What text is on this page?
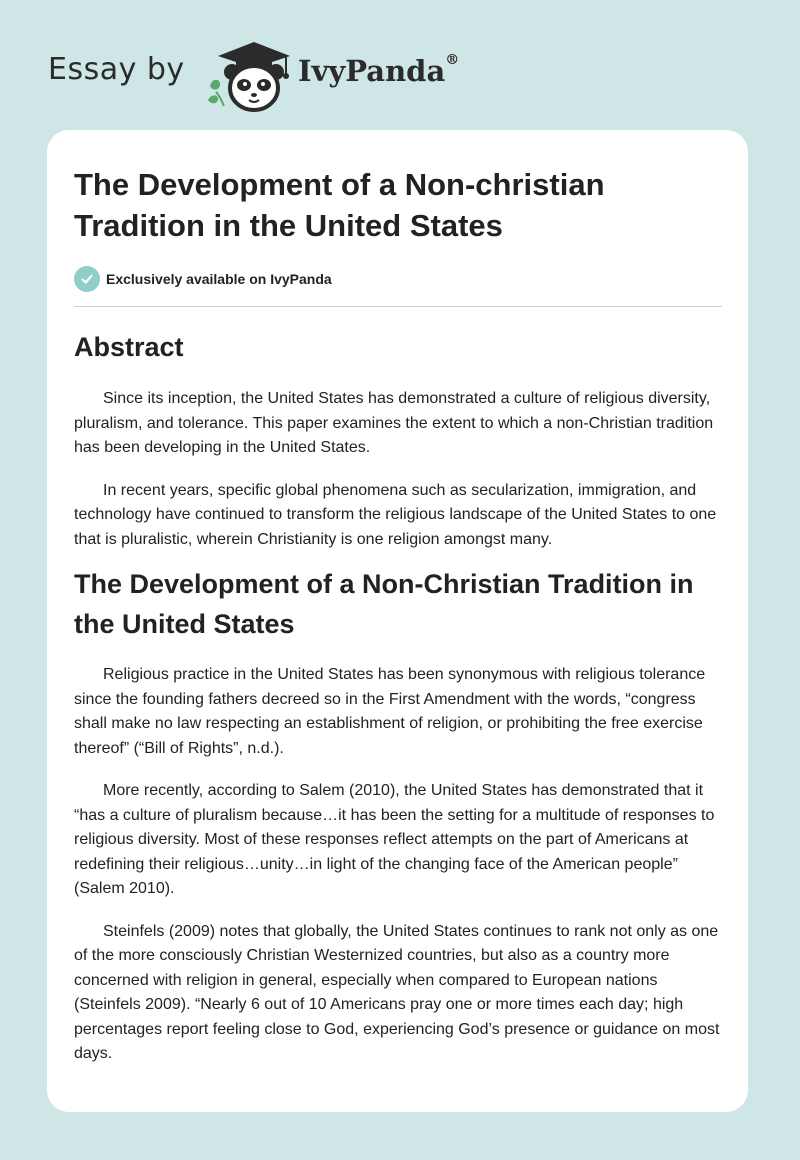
Essay by	IvyPanda®
The Development of a Non-christian Tradition in the United States
Exclusively available on IvyPanda
Abstract

Since its inception, the United States has demonstrated a culture of religious diversity, pluralism, and tolerance. This paper examines the extent to which a non-Christian tradition has been developing in the United States.

In recent years, specific global phenomena such as secularization, immigration, and technology have continued to transform the religious landscape of the United States to one that is pluralistic, wherein Christianity is one religion amongst many.

The Development of a Non-Christian Tradition in the United States

Religious practice in the United States has been synonymous with religious tolerance since the founding fathers decreed so in the First Amendment with the words, “congress shall make no law respecting an establishment of religion, or prohibiting the free exercise thereof” (“Bill of Rights”, n.d.).

More recently, according to Salem (2010), the United States has demonstrated that it “has a culture of pluralism because…it has been the setting for a multitude of responses to religious diversity. Most of these responses reflect attempts on the part of Americans at redefining their religious…unity…in light of the changing face of the American people” (Salem 2010).

Steinfels (2009) notes that globally, the United States continues to rank not only as one of the more consciously Christian Westernized countries, but also as a country more concerned with religion in general, especially when compared to European nations (Steinfels 2009). “Nearly 6 out of 10 Americans pray one or more times each day; high percentages report feeling close to God, experiencing God’s presence or guidance on most days.
